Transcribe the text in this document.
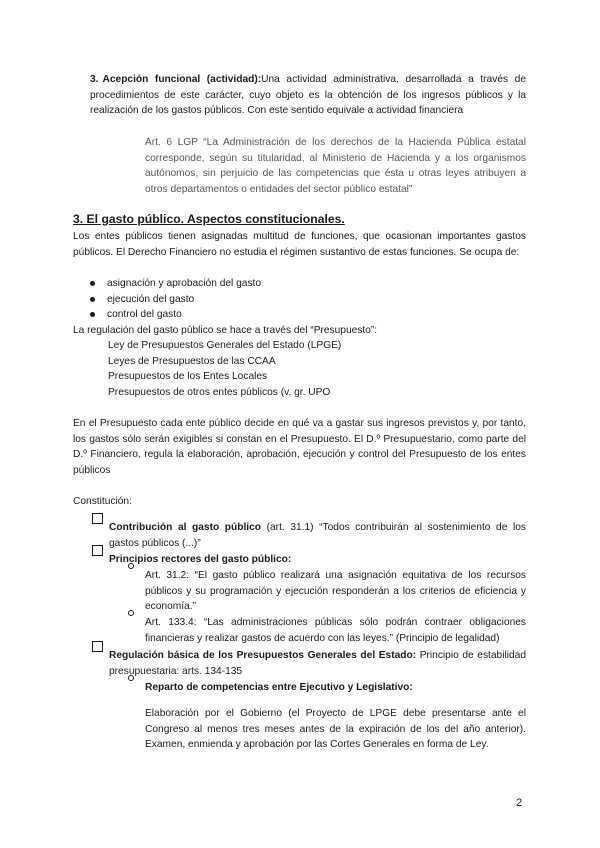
3. Acepción funcional (actividad):Una actividad administrativa, desarrollada a través de procedimientos de este carácter, cuyo objeto es la obtención de los ingresos públicos y la realización de los gastos públicos. Con este sentido equivale a actividad financiera

Art. 6 LGP “La Administración de los derechos de la Hacienda Pública estatal corresponde, según su titularidad, al Ministerio de Hacienda y a los organismos autónomos, sin perjuicio de las competencias que ésta u otras leyes atribuyen a otros departamentos o entidades del sector público estatal”

3. El gasto público. Aspectos constitucionales.

Los entes públicos tienen asignadas multitud de funciones, que ocasionan importantes gastos públicos. El Derecho Financiero no estudia el régimen sustantivo de estas funciones. Se ocupa de:

asignación y aprobación del gasto
ejecución del gasto
control del gasto

La regulación del gasto público se hace a través del “Presupuesto”:

Ley de Presupuestos Generales del Estado (LPGE)
Leyes de Presupuestos de las CCAA
Presupuestos de los Entes Locales
Presupuestos de otros entes públicos (v. gr. UPO

En el Presupuesto cada ente público decide en qué va a gastar sus ingresos previstos y, por tanto, los gastos sólo serán exigibles si constan en el Presupuesto. El D.º Presupuestario, como parte del D.º Financiero, regula la elaboración, aprobación, ejecución y control del Presupuesto de los entes públicos

Constitución:

Contribución al gasto público (art. 31.1) “Todos contribuirán al sostenimiento de los gastos públicos (...)”

Principios rectores del gasto público:

Art. 31.2: “El gasto público realizará una asignación equitativa de los recursos públicos y su programación y ejecución responderán a los criterios de eficiencia y economía.”

Art. 133.4: “Las administraciones públicas sólo podrán contraer obligaciones financieras y realizar gastos de acuerdo con las leyes.” (Principio de legalidad)

Regulación básica de los Presupuestos Generales del Estado: Principio de estabilidad presupuestaria: arts. 134-135

Reparto de competencias entre Ejecutivo y Legislativo:

Elaboración por el Gobierno (el Proyecto de LPGE debe presentarse ante el Congreso al menos tres meses antes de la expiración de los del año anterior). Examen, enmienda y aprobación por las Cortes Generales en forma de Ley.

2
